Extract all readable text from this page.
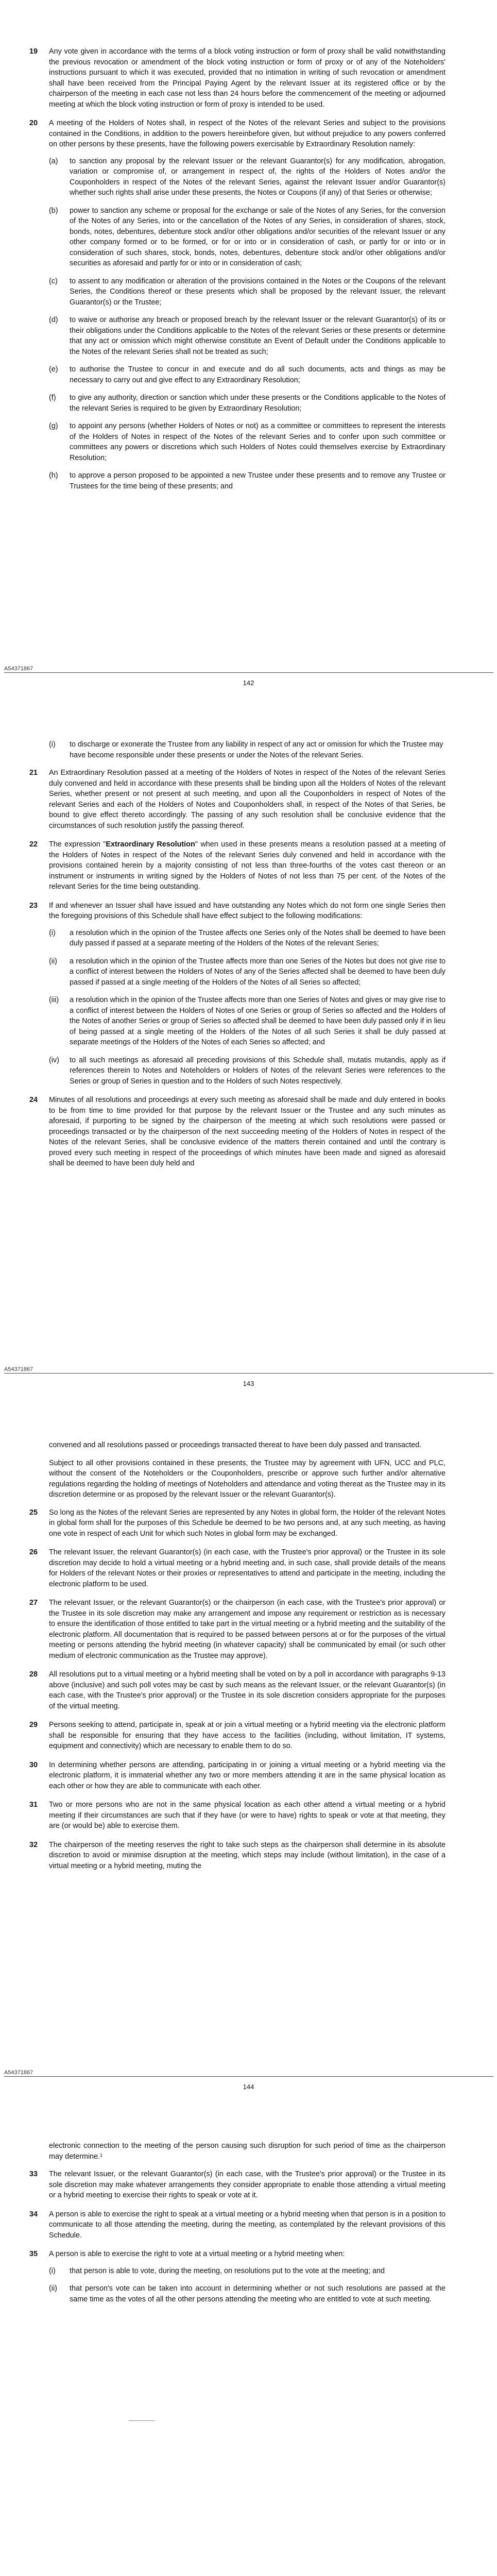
19 Any vote given in accordance with the terms of a block voting instruction or form of proxy shall be valid notwithstanding the previous revocation or amendment of the block voting instruction or form of proxy or of any of the Noteholders' instructions pursuant to which it was executed, provided that no intimation in writing of such revocation or amendment shall have been received from the Principal Paying Agent by the relevant Issuer at its registered office or by the chairperson of the meeting in each case not less than 24 hours before the commencement of the meeting or adjourned meeting at which the block voting instruction or form of proxy is intended to be used.

20 A meeting of the Holders of Notes shall, in respect of the Notes of the relevant Series and subject to the provisions contained in the Conditions, in addition to the powers hereinbefore given, but without prejudice to any powers conferred on other persons by these presents, have the following powers exercisable by Extraordinary Resolution namely:

(a) to sanction any proposal by the relevant Issuer or the relevant Guarantor(s) for any modification, abrogation, variation or compromise of, or arrangement in respect of, the rights of the Holders of Notes and/or the Couponholders in respect of the Notes of the relevant Series, against the relevant Issuer and/or Guarantor(s) whether such rights shall arise under these presents, the Notes or Coupons (if any) of that Series or otherwise;
(b) power to sanction any scheme or proposal for the exchange or sale of the Notes of any Series, for the conversion of the Notes of any Series, into or the cancellation of the Notes of any Series, in consideration of shares, stock, bonds, notes, debentures, debenture stock and/or other obligations and/or securities of the relevant Issuer or any other company formed or to be formed, or for or into or in consideration of cash, or partly for or into or in consideration of such shares, stock, bonds, notes, debentures, debenture stock and/or other obligations and/or securities as aforesaid and partly for or into or in consideration of cash;
(c) to assent to any modification or alteration of the provisions contained in the Notes or the Coupons of the relevant Series, the Conditions thereof or these presents which shall be proposed by the relevant Issuer, the relevant Guarantor(s) or the Trustee;
(d) to waive or authorise any breach or proposed breach by the relevant Issuer or the relevant Guarantor(s) of its or their obligations under the Conditions applicable to the Notes of the relevant Series or these presents or determine that any act or omission which might otherwise constitute an Event of Default under the Conditions applicable to the Notes of the relevant Series shall not be treated as such;
(e) to authorise the Trustee to concur in and execute and do all such documents, acts and things as may be necessary to carry out and give effect to any Extraordinary Resolution;
(f) to give any authority, direction or sanction which under these presents or the Conditions applicable to the Notes of the relevant Series is required to be given by Extraordinary Resolution;
(g) to appoint any persons (whether Holders of Notes or not) as a committee or committees to represent the interests of the Holders of Notes in respect of the Notes of the relevant Series and to confer upon such committee or committees any powers or discretions which such Holders of Notes could themselves exercise by Extraordinary Resolution;
(h) to approve a person proposed to be appointed a new Trustee under these presents and to remove any Trustee or Trustees for the time being of these presents; and
A54371867
142
(i) to discharge or exonerate the Trustee from any liability in respect of any act or omission for which the Trustee may have become responsible under these presents or under the Notes of the relevant Series.
21 An Extraordinary Resolution passed at a meeting of the Holders of Notes in respect of the Notes of the relevant Series duly convened and held in accordance with these presents shall be binding upon all the Holders of Notes of the relevant Series, whether present or not present at such meeting, and upon all the Couponholders in respect of Notes of the relevant Series and each of the Holders of Notes and Couponholders shall, in respect of the Notes of that Series, be bound to give effect thereto accordingly. The passing of any such resolution shall be conclusive evidence that the circumstances of such resolution justify the passing thereof.

22 The expression "Extraordinary Resolution" when used in these presents means a resolution passed at a meeting of the Holders of Notes in respect of the Notes of the relevant Series duly convened and held in accordance with the provisions contained herein by a majority consisting of not less than three-fourths of the votes cast thereon or an instrument or instruments in writing signed by the Holders of Notes of not less than 75 per cent. of the Notes of the relevant Series for the time being outstanding.

23 If and whenever an Issuer shall have issued and have outstanding any Notes which do not form one single Series then the foregoing provisions of this Schedule shall have effect subject to the following modifications:

(i) a resolution which in the opinion of the Trustee affects one Series only of the Notes shall be deemed to have been duly passed if passed at a separate meeting of the Holders of the Notes of the relevant Series;
(ii) a resolution which in the opinion of the Trustee affects more than one Series of the Notes but does not give rise to a conflict of interest between the Holders of Notes of any of the Series affected shall be deemed to have been duly passed if passed at a single meeting of the Holders of the Notes of all Series so affected;
(iii) a resolution which in the opinion of the Trustee affects more than one Series of Notes and gives or may give rise to a conflict of interest between the Holders of Notes of one Series or group of Series so affected and the Holders of the Notes of another Series or group of Series so affected shall be deemed to have been duly passed only if in lieu of being passed at a single meeting of the Holders of the Notes of all such Series it shall be duly passed at separate meetings of the Holders of the Notes of each Series so affected; and
(iv) to all such meetings as aforesaid all preceding provisions of this Schedule shall, mutatis mutandis, apply as if references therein to Notes and Noteholders or Holders of Notes of the relevant Series were references to the Series or group of Series in question and to the Holders of such Notes respectively.
24 Minutes of all resolutions and proceedings at every such meeting as aforesaid shall be made and duly entered in books to be from time to time provided for that purpose by the relevant Issuer or the Trustee and any such minutes as aforesaid, if purporting to be signed by the chairperson of the meeting at which such resolutions were passed or proceedings transacted or by the chairperson of the next succeeding meeting of the Holders of Notes in respect of the Notes of the relevant Series, shall be conclusive evidence of the matters therein contained and until the contrary is proved every such meeting in respect of the proceedings of which minutes have been made and signed as aforesaid shall be deemed to have been duly held and

A54371867
143
convened and all resolutions passed or proceedings transacted thereat to have been duly passed and transacted.
Subject to all other provisions contained in these presents, the Trustee may by agreement with UFN, UCC and PLC, without the consent of the Noteholders or the Couponholders, prescribe or approve such further and/or alternative regulations regarding the holding of meetings of Noteholders and attendance and voting thereat as the Trustee may in its discretion determine or as proposed by the relevant Issuer or the relevant Guarantor(s).
25 So long as the Notes of the relevant Series are represented by any Notes in global form, the Holder of the relevant Notes in global form shall for the purposes of this Schedule be deemed to be two persons and, at any such meeting, as having one vote in respect of each Unit for which such Notes in global form may be exchanged.

26 The relevant Issuer, the relevant Guarantor(s) (in each case, with the Trustee's prior approval) or the Trustee in its sole discretion may decide to hold a virtual meeting or a hybrid meeting and, in such case, shall provide details of the means for Holders of the relevant Notes or their proxies or representatives to attend and participate in the meeting, including the electronic platform to be used.

27 The relevant Issuer, or the relevant Guarantor(s) or the chairperson (in each case, with the Trustee's prior approval) or the Trustee in its sole discretion may make any arrangement and impose any requirement or restriction as is necessary to ensure the identification of those entitled to take part in the virtual meeting or a hybrid meeting and the suitability of the electronic platform. All documentation that is required to be passed between persons at or for the purposes of the virtual meeting or persons attending the hybrid meeting (in whatever capacity) shall be communicated by email (or such other medium of electronic communication as the Trustee may approve).

28 All resolutions put to a virtual meeting or a hybrid meeting shall be voted on by a poll in accordance with paragraphs 9-13 above (inclusive) and such poll votes may be cast by such means as the relevant Issuer, or the relevant Guarantor(s) (in each case, with the Trustee's prior approval) or the Trustee in its sole discretion considers appropriate for the purposes of the virtual meeting.

29 Persons seeking to attend, participate in, speak at or join a virtual meeting or a hybrid meeting via the electronic platform shall be responsible for ensuring that they have access to the facilities (including, without limitation, IT systems, equipment and connectivity) which are necessary to enable them to do so.

30 In determining whether persons are attending, participating in or joining a virtual meeting or a hybrid meeting via the electronic platform, it is immaterial whether any two or more members attending it are in the same physical location as each other or how they are able to communicate with each other.

31 Two or more persons who are not in the same physical location as each other attend a virtual meeting or a hybrid meeting if their circumstances are such that if they have (or were to have) rights to speak or vote at that meeting, they are (or would be) able to exercise them.

32 The chairperson of the meeting reserves the right to take such steps as the chairperson shall determine in its absolute discretion to avoid or minimise disruption at the meeting, which steps may include (without limitation), in the case of a virtual meeting or a hybrid meeting, muting the

A54371867
144
electronic connection to the meeting of the person causing such disruption for such period of time as the chairperson may determine.¹
33 The relevant Issuer, or the relevant Guarantor(s) (in each case, with the Trustee's prior approval) or the Trustee in its sole discretion may make whatever arrangements they consider appropriate to enable those attending a virtual meeting or a hybrid meeting to exercise their rights to speak or vote at it.

34 A person is able to exercise the right to speak at a virtual meeting or a hybrid meeting when that person is in a position to communicate to all those attending the meeting, during the meeting, as contemplated by the relevant provisions of this Schedule.

35 A person is able to exercise the right to vote at a virtual meeting or a hybrid meeting when:

(i) that person is able to vote, during the meeting, on resolutions put to the vote at the meeting; and
(ii) that person's vote can be taken into account in determining whether or not such resolutions are passed at the same time as the votes of all the other persons attending the meeting who are entitled to vote at such meeting.
